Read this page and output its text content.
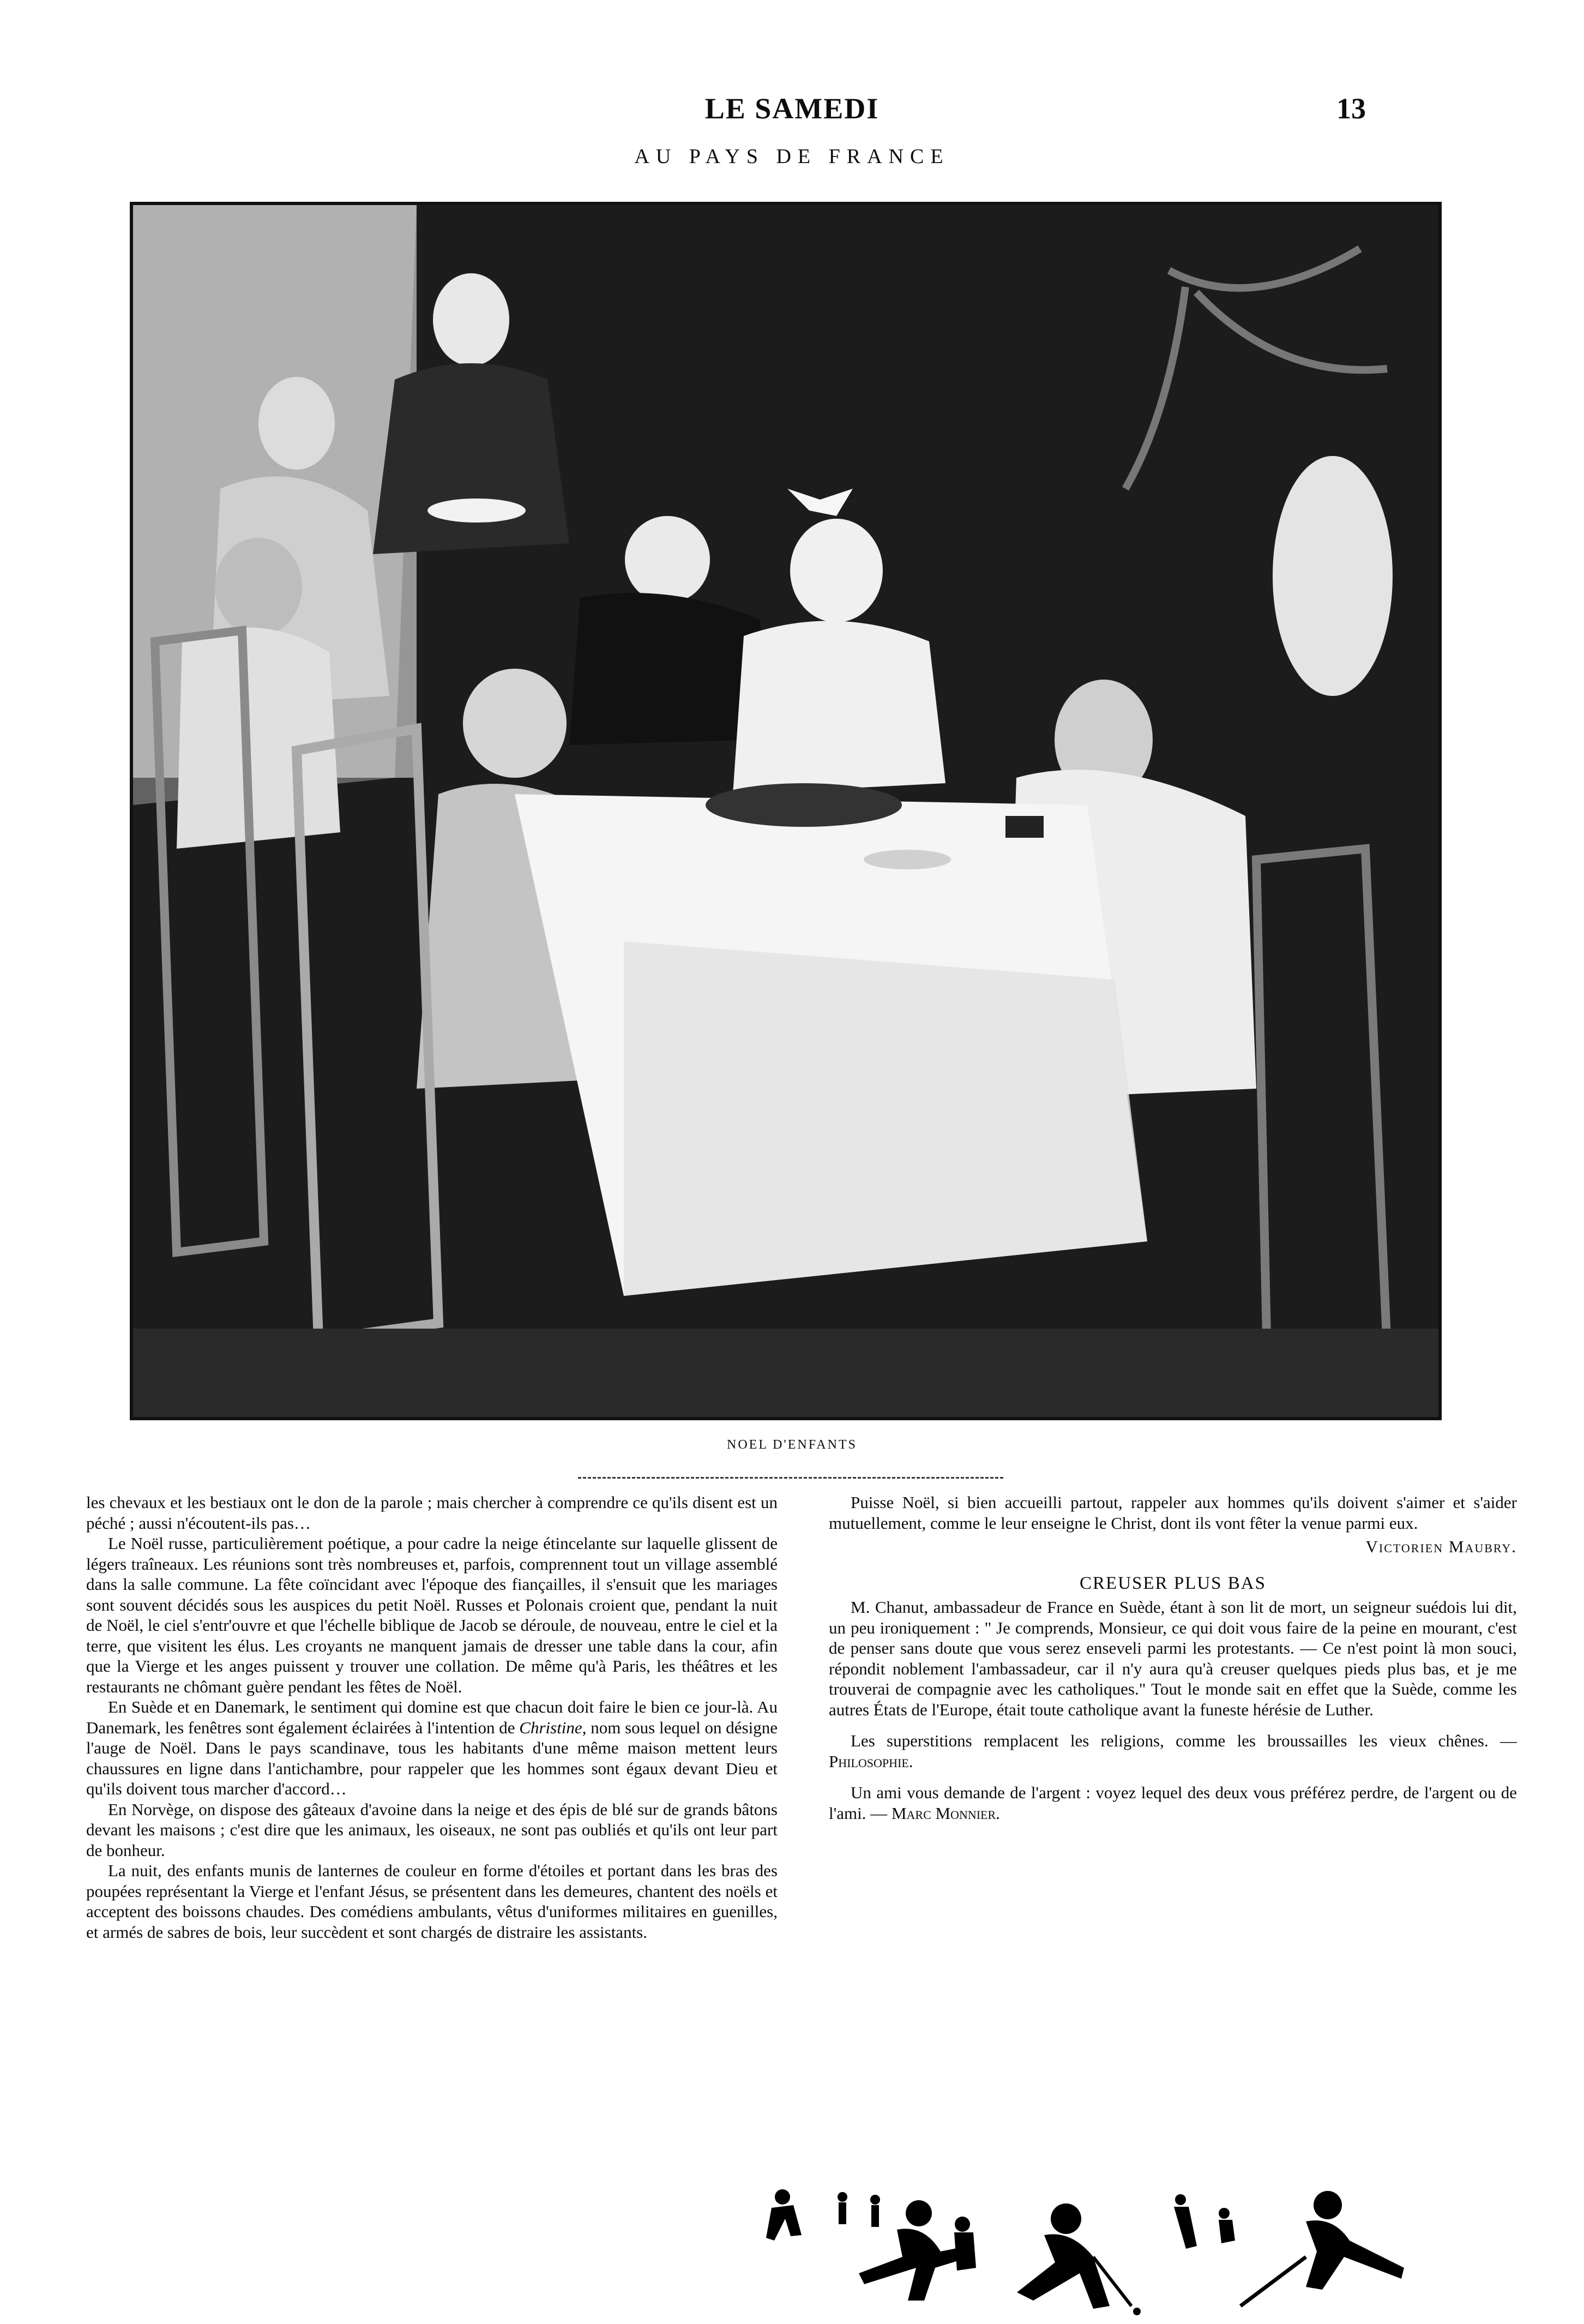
LE SAMEDI	13
AU PAYS DE FRANCE
NOEL D'ENFANTS

les chevaux et les bestiaux ont le don de la parole ; mais chercher à comprendre ce qu'ils disent est un péché ; aussi n'écoutent-ils pas…

Le Noël russe, particulièrement poétique, a pour cadre la neige étincelante sur laquelle glissent de légers traîneaux. Les réunions sont très nombreuses et, parfois, comprennent tout un village assemblé dans la salle commune. La fête coïncidant avec l'époque des fiançailles, il s'ensuit que les mariages sont souvent décidés sous les auspices du petit Noël. Russes et Polonais croient que, pendant la nuit de Noël, le ciel s'entr'ouvre et que l'échelle biblique de Jacob se déroule, de nouveau, entre le ciel et la terre, que visitent les élus. Les croyants ne manquent jamais de dresser une table dans la cour, afin que la Vierge et les anges puissent y trouver une collation. De même qu'à Paris, les théâtres et les restaurants ne chômant guère pendant les fêtes de Noël.

En Suède et en Danemark, le sentiment qui domine est que chacun doit faire le bien ce jour-là. Au Danemark, les fenêtres sont également éclairées à l'intention de Christine, nom sous lequel on désigne l'auge de Noël. Dans le pays scandinave, tous les habitants d'une même maison mettent leurs chaussures en ligne dans l'antichambre, pour rappeler que les hommes sont égaux devant Dieu et qu'ils doivent tous marcher d'accord…

En Norvège, on dispose des gâteaux d'avoine dans la neige et des épis de blé sur de grands bâtons devant les maisons ; c'est dire que les animaux, les oiseaux, ne sont pas oubliés et qu'ils ont leur part de bonheur.

La nuit, des enfants munis de lanternes de couleur en forme d'étoiles et portant dans les bras des poupées représentant la Vierge et l'enfant Jésus, se présentent dans les demeures, chantent des noëls et acceptent des boissons chaudes. Des comédiens ambulants, vêtus d'uniformes militaires en guenilles, et armés de sabres de bois, leur succèdent et sont chargés de distraire les assistants.

Puisse Noël, si bien accueilli partout, rappeler aux hommes qu'ils doivent s'aimer et s'aider mutuellement, comme le leur enseigne le Christ, dont ils vont fêter la venue parmi eux.

Victorien Maubry.
CREUSER PLUS BAS

M. Chanut, ambassadeur de France en Suède, étant à son lit de mort, un seigneur suédois lui dit, un peu ironiquement : " Je comprends, Monsieur, ce qui doit vous faire de la peine en mourant, c'est de penser sans doute que vous serez enseveli parmi les protestants. — Ce n'est point là mon souci, répondit noblement l'ambassadeur, car il n'y aura qu'à creuser quelques pieds plus bas, et je me trouverai de compagnie avec les catholiques." Tout le monde sait en effet que la Suède, comme les autres États de l'Europe, était toute catholique avant la funeste hérésie de Luther.

Les superstitions remplacent les religions, comme les broussailles les vieux chênes. — Philosophie.

Un ami vous demande de l'argent : voyez lequel des deux vous préférez perdre, de l'argent ou de l'ami. — Marc Monnier.
